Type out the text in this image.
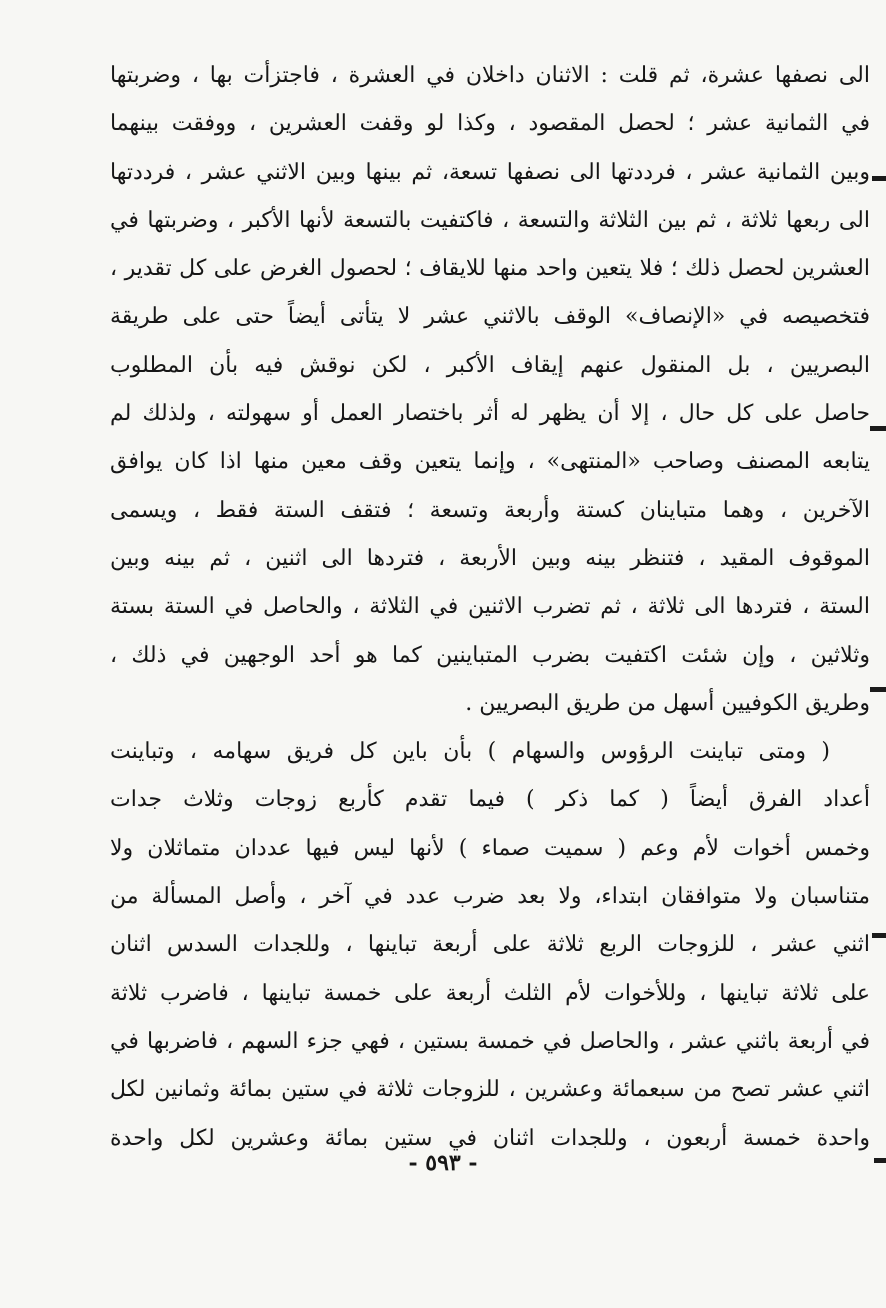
الى نصفها عشرة، ثم قلت : الاثنان داخلان في العشرة ، فاجتزأت بها ، وضربتها
في الثمانية عشر ؛ لحصل المقصود ، وكذا لو وقفت العشرين ، ووفقت بينهما
وبين الثمانية عشر ، فرددتها الى نصفها تسعة، ثم بينها وبين الاثني عشر ، فرددتها
الى ربعها ثلاثة ، ثم بين الثلاثة والتسعة ، فاكتفيت بالتسعة لأنها الأكبر ، وضربتها في
العشرين لحصل ذلك ؛ فلا يتعين واحد منها للايقاف ؛ لحصول الغرض على كل تقدير ،
فتخصيصه في «الإنصاف» الوقف بالاثني عشر لا يتأتى أيضاً حتى على طريقة
البصريين ، بل المنقول عنهم إيقاف الأكبر ، لكن نوقش فيه بأن المطلوب
حاصل على كل حال ، إلا أن يظهر له أثر باختصار العمل أو سهولته ، ولذلك لم
يتابعه المصنف وصاحب «المنتهى» ، وإنما يتعين وقف معين منها اذا كان يوافق
الآخرين ، وهما متباينان كستة وأربعة وتسعة ؛ فتقف الستة فقط ، ويسمى
الموقوف المقيد ، فتنظر بينه وبين الأربعة ، فتردها الى اثنين ، ثم بينه وبين
الستة ، فتردها الى ثلاثة ، ثم تضرب الاثنين في الثلاثة ، والحاصل في الستة بستة
وثلاثين ، وإن شئت اكتفيت بضرب المتباينين كما هو أحد الوجهين في ذلك ،
وطريق الكوفيين أسهل من طريق البصريين .
( ومتى تباينت الرؤوس والسهام ) بأن باين كل فريق سهامه ، وتباينت
أعداد الفرق أيضاً ( كما ذكر ) فيما تقدم كأربع زوجات وثلاث جدات
وخمس أخوات لأم وعم ( سميت صماء ) لأنها ليس فيها عددان متماثلان ولا
متناسبان ولا متوافقان ابتداء، ولا بعد ضرب عدد في آخر ، وأصل المسألة من
اثني عشر ، للزوجات الربع ثلاثة على أربعة تباينها ، وللجدات السدس اثنان
على ثلاثة تباينها ، وللأخوات لأم الثلث أربعة على خمسة تباينها ، فاضرب ثلاثة
في أربعة باثني عشر ، والحاصل في خمسة بستين ، فهي جزء السهم ، فاضربها في
اثني عشر تصح من سبعمائة وعشرين ، للزوجات ثلاثة في ستين بمائة وثمانين لكل
واحدة خمسة أربعون ، وللجدات اثنان في ستين بمائة وعشرين لكل واحدة
- ٥٩٣ -
